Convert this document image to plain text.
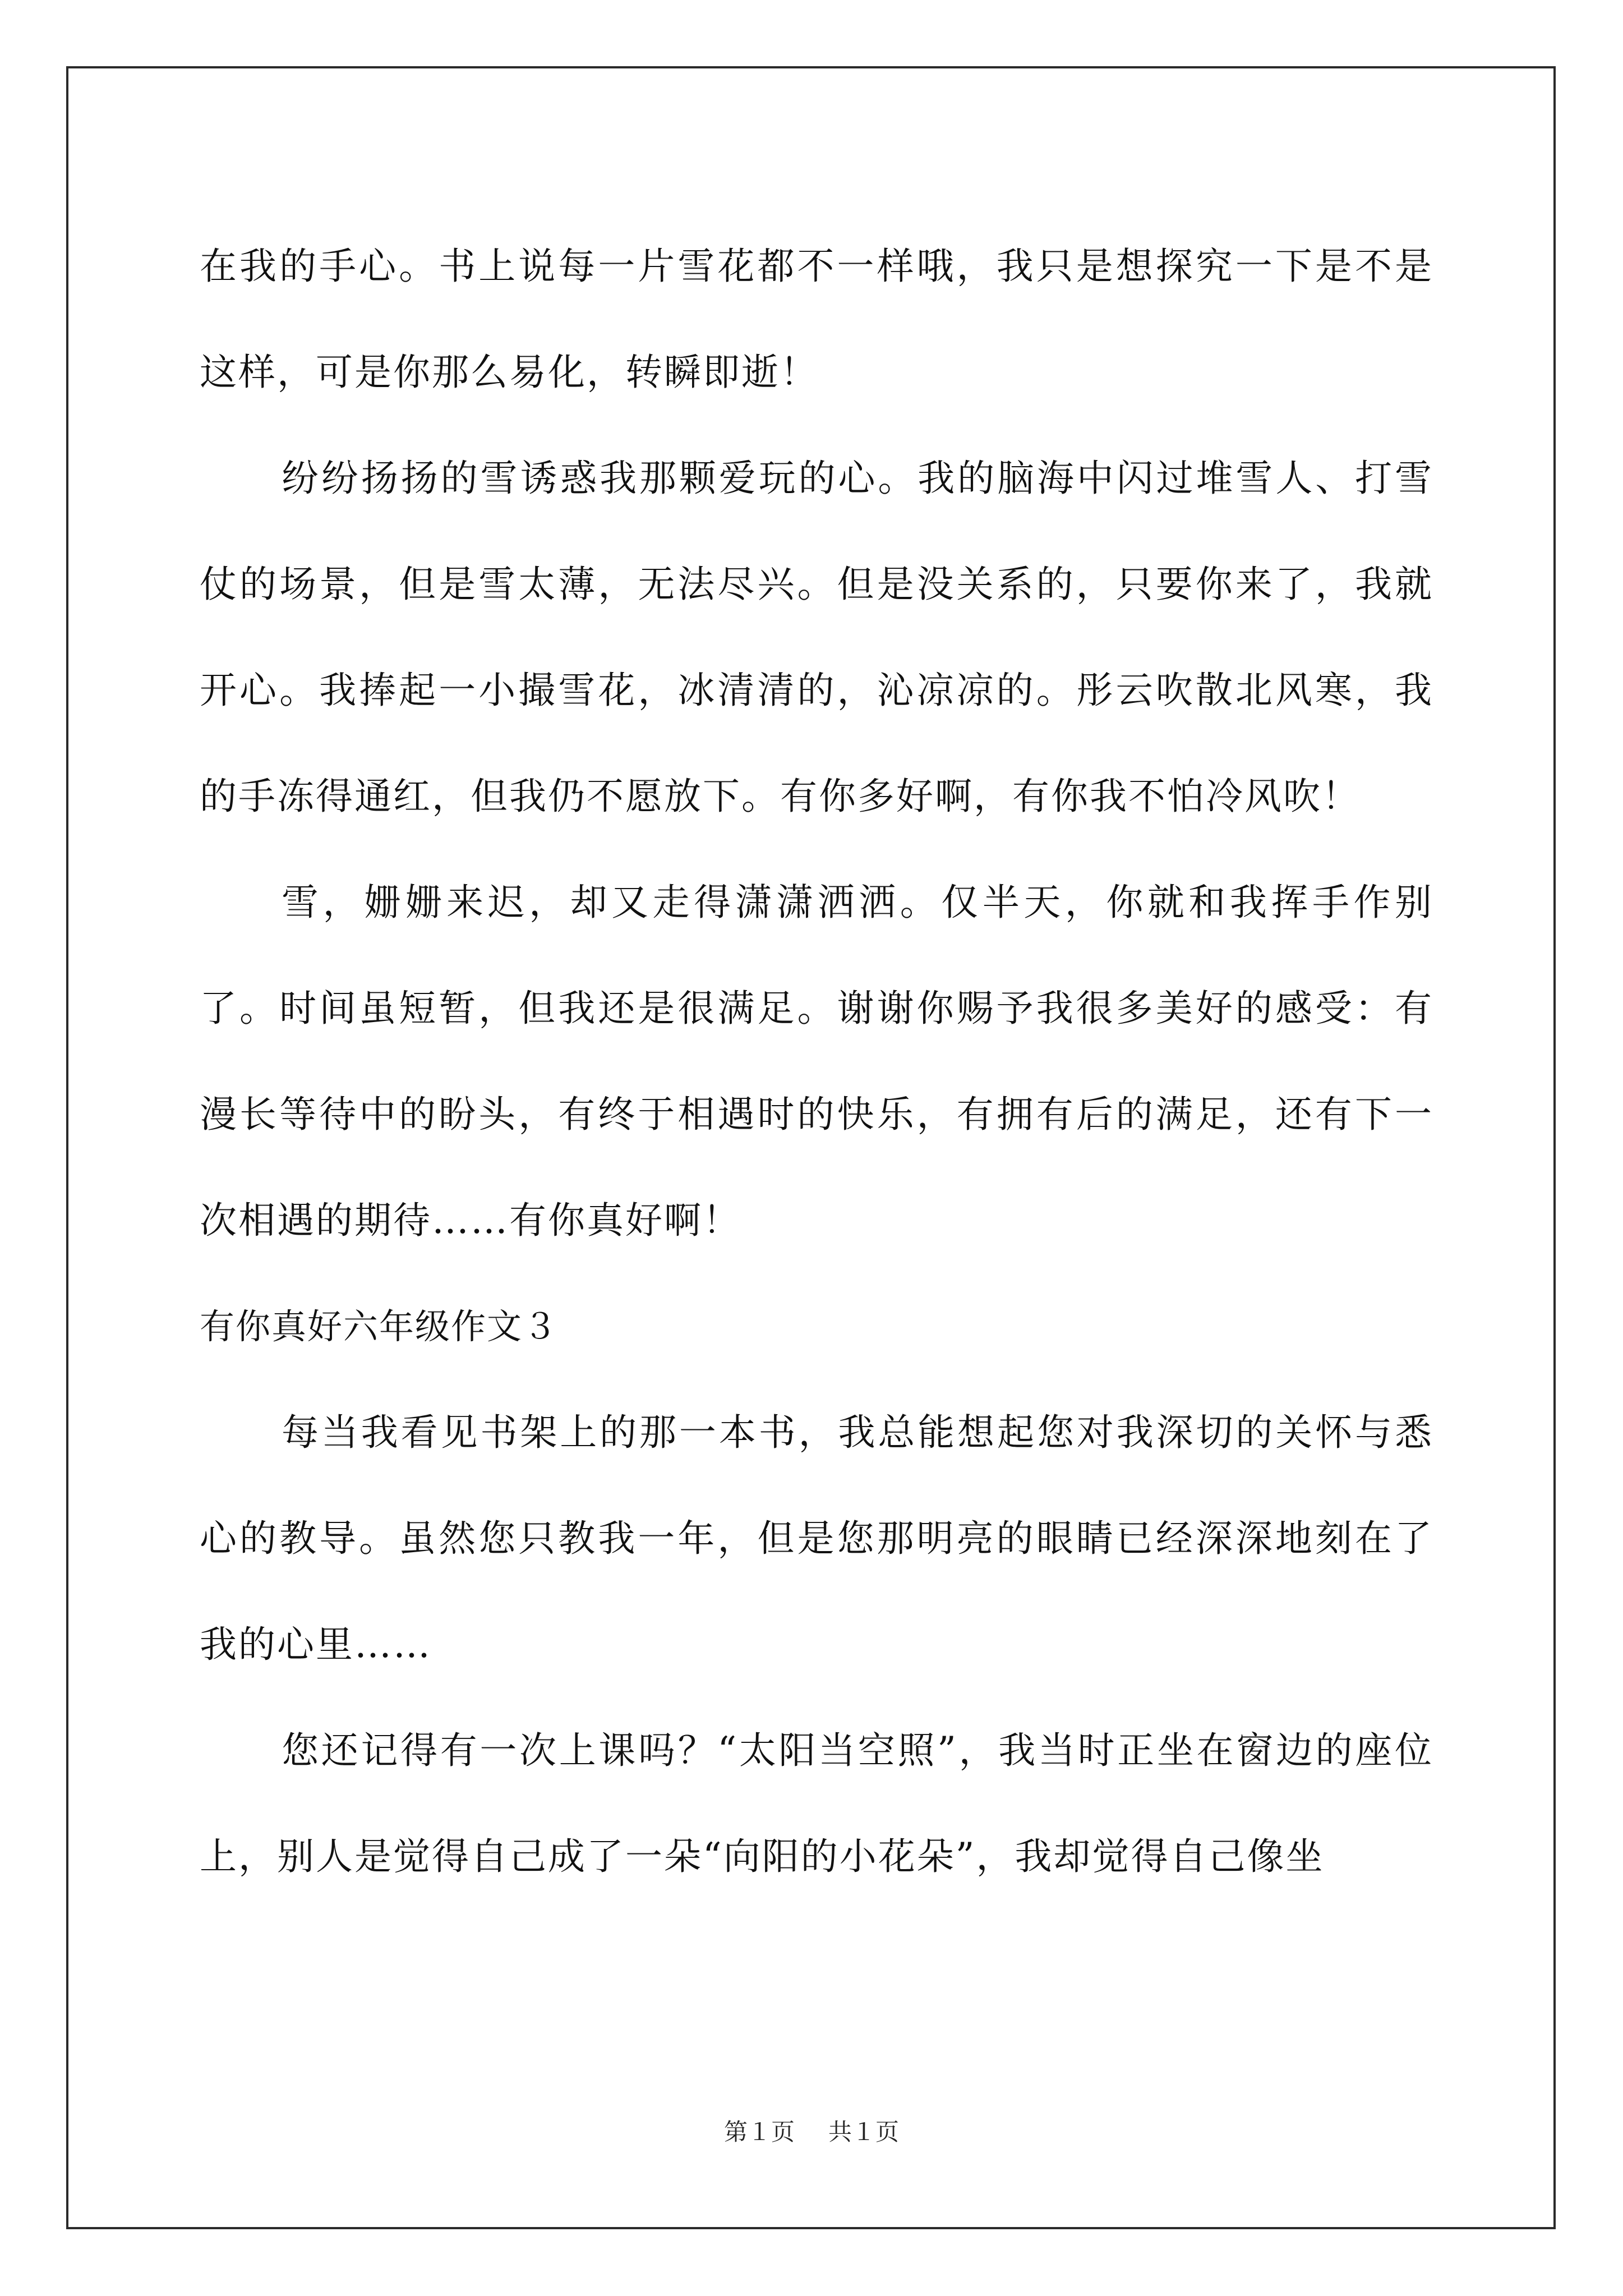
在我的手心。书上说每一片雪花都不一样哦，我只是想探究一下是不是这样，可是你那么易化，转瞬即逝！

纷纷扬扬的雪诱惑我那颗爱玩的心。我的脑海中闪过堆雪人、打雪仗的场景，但是雪太薄，无法尽兴。但是没关系的，只要你来了，我就开心。我捧起一小撮雪花，冰清清的，沁凉凉的。彤云吹散北风寒，我的手冻得通红，但我仍不愿放下。有你多好啊，有你我不怕冷风吹！

雪，姗姗来迟，却又走得潇潇洒洒。仅半天，你就和我挥手作别了。时间虽短暂，但我还是很满足。谢谢你赐予我很多美好的感受：有漫长等待中的盼头，有终于相遇时的快乐，有拥有后的满足，还有下一次相遇的期待……有你真好啊！

有你真好六年级作文３

每当我看见书架上的那一本书，我总能想起您对我深切的关怀与悉心的教导。虽然您只教我一年，但是您那明亮的眼睛已经深深地刻在了我的心里……

您还记得有一次上课吗？“太阳当空照”，我当时正坐在窗边的座位上，别人是觉得自己成了一朵“向阳的小花朵”，我却觉得自己像坐

第１页 共１页
